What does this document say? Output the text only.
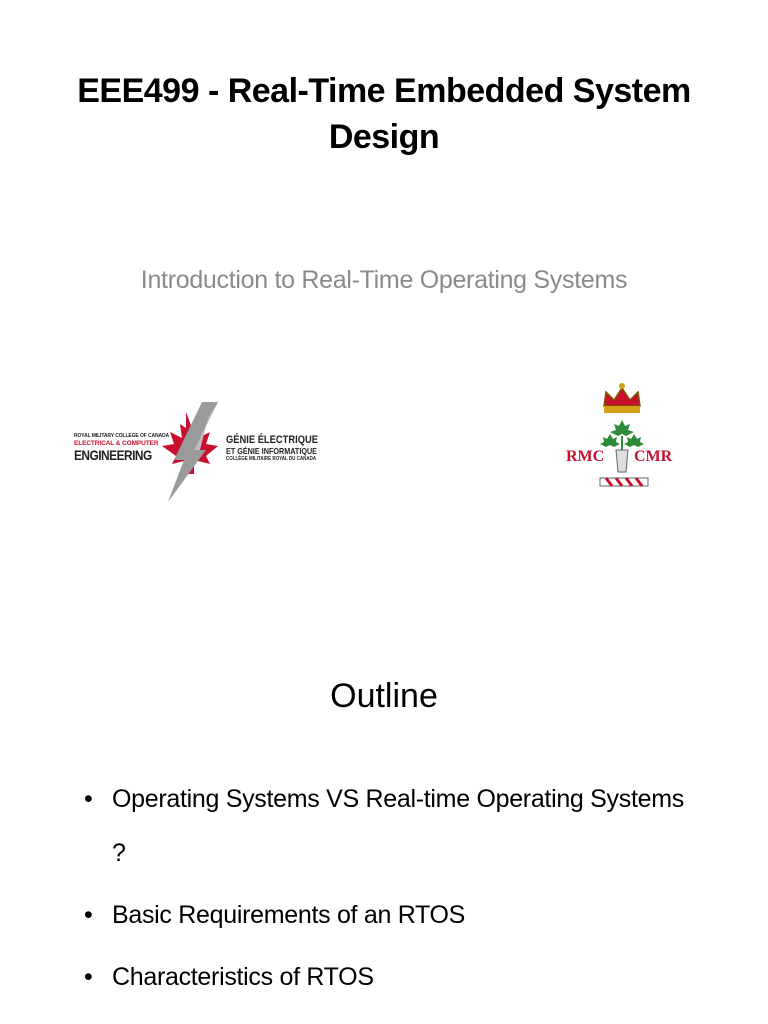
EEE499 - Real-Time Embedded System Design
Introduction to Real-Time Operating Systems
ROYAL MILITARY COLLEGE OF CANADA
ELECTRICAL & COMPUTER
ENGINEERING
GÉNIE ÉLECTRIQUE
ET GÉNIE INFORMATIQUE
COLLÈGE MILITAIRE ROYAL DU CANADA	RMC CMR
Outline
• Operating Systems VS Real-time Operating Systems ?
• Basic Requirements of an RTOS
• Characteristics of RTOS
